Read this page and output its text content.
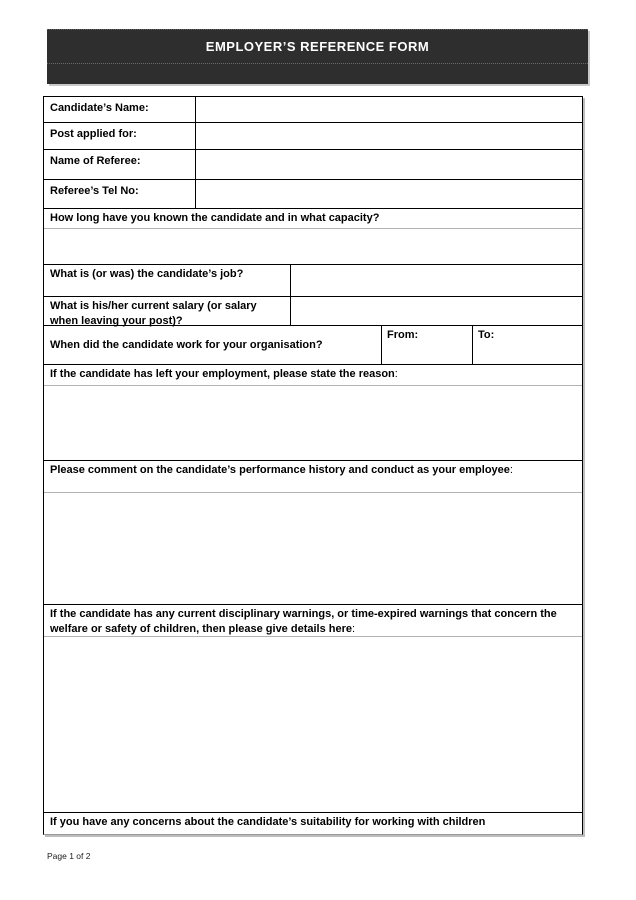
EMPLOYER’S REFERENCE FORM
Candidate’s Name:
Post applied for:
Name of Referee:
Referee’s Tel No:
How long have you known the candidate and in what capacity?
What is (or was) the candidate’s job?
What is his/her current salary (or salary when leaving your post)?
When did the candidate work for your organisation?
From:	To:
If the candidate has left your employment, please state the reason:
Please comment on the candidate’s performance history and conduct as your employee:
If the candidate has any current disciplinary warnings, or time-expired warnings that concern the welfare or safety of children, then please give details here:
If you have any concerns about the candidate’s suitability for working with children
Page 1 of 2
